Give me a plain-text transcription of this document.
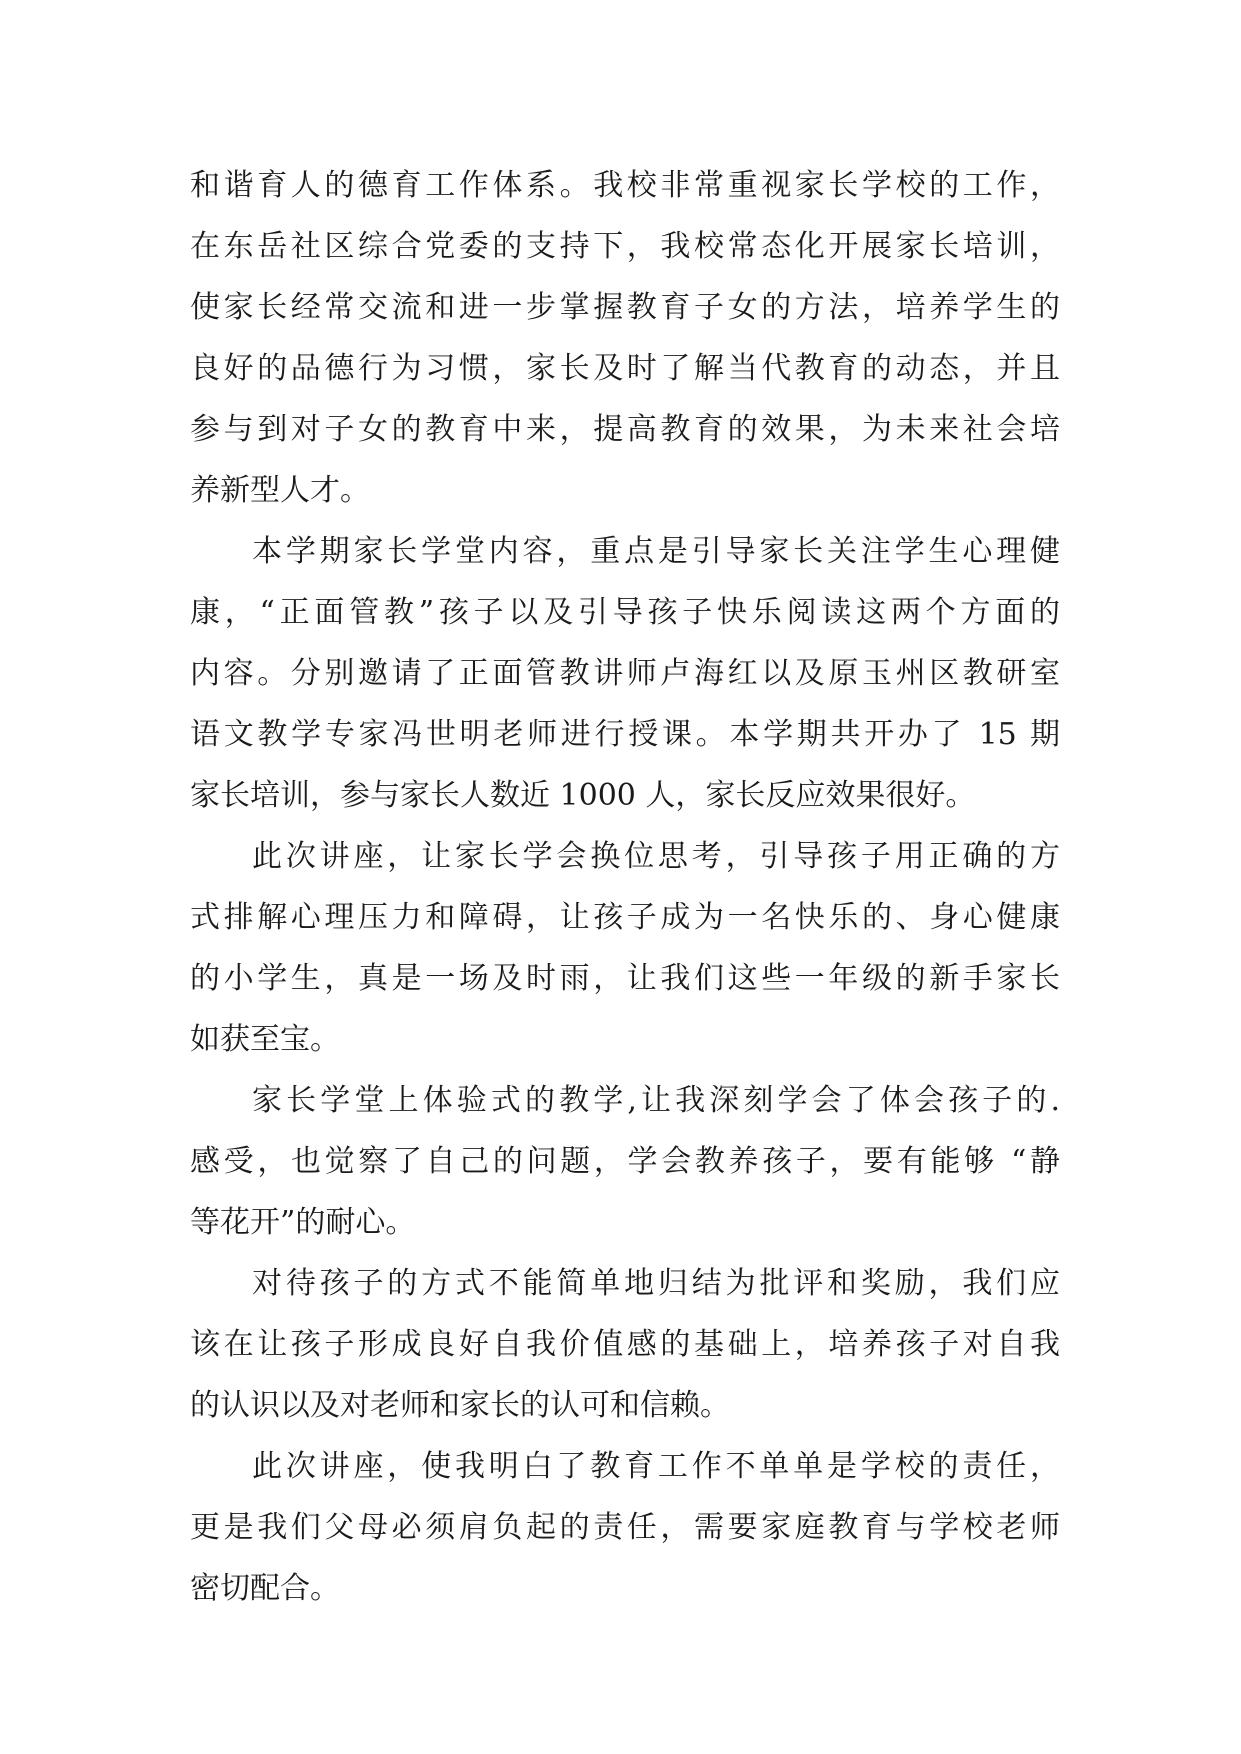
和谐育人的德育工作体系。我校非常重视家长学校的工作，
在东岳社区综合党委的支持下，我校常态化开展家长培训，
使家长经常交流和进一步掌握教育子女的方法，培养学生的
良好的品德行为习惯，家长及时了解当代教育的动态，并且
参与到对子女的教育中来，提高教育的效果，为未来社会培
养新型人才。
本学期家长学堂内容，重点是引导家长关注学生心理健
康，“正面管教”孩子以及引导孩子快乐阅读这两个方面的
内容。分别邀请了正面管教讲师卢海红以及原玉州区教研室
语文教学专家冯世明老师进行授课。本学期共开办了 15 期
家长培训，参与家长人数近 1000 人，家长反应效果很好。
此次讲座，让家长学会换位思考，引导孩子用正确的方
式排解心理压力和障碍，让孩子成为一名快乐的、身心健康
的小学生，真是一场及时雨，让我们这些一年级的新手家长
如获至宝。
家长学堂上体验式的教学,让我深刻学会了体会孩子的.
感受，也觉察了自己的问题，学会教养孩子，要有能够 “静
等花开”的耐心。
对待孩子的方式不能简单地归结为批评和奖励，我们应
该在让孩子形成良好自我价值感的基础上，培养孩子对自我
的认识以及对老师和家长的认可和信赖。
此次讲座，使我明白了教育工作不单单是学校的责任，
更是我们父母必须肩负起的责任，需要家庭教育与学校老师
密切配合。
